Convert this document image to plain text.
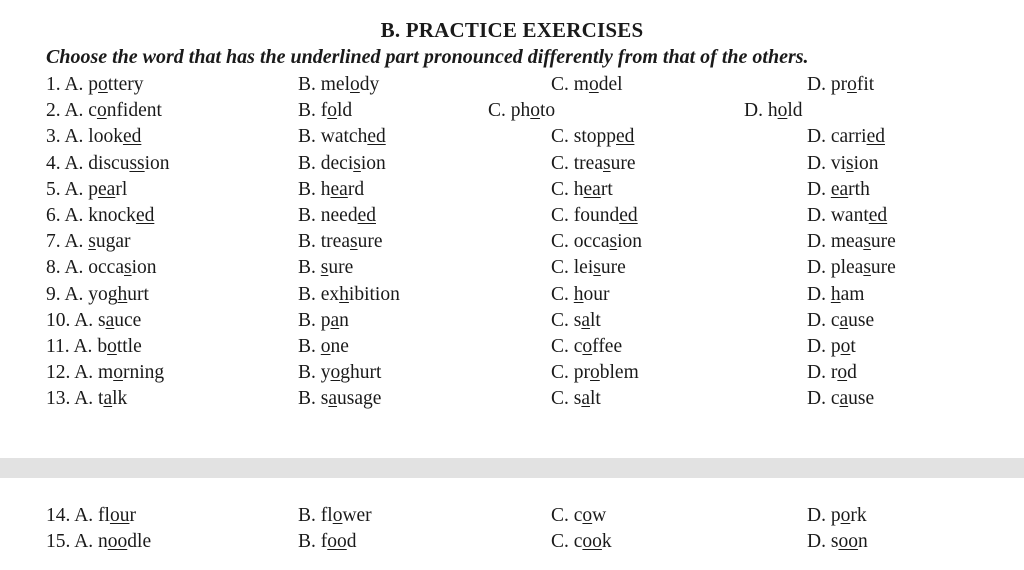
B. PRACTICE EXERCISES
Choose the word that has the underlined part pronounced differently from that of the others.
1. A. pottery	B. melody	C. model	D. profit
2. A. confident	B. fold	C. photo	D. hold
3. A. looked	B. watched	C. stopped	D. carried
4. A. discussion	B. decision	C. treasure	D. vision
5. A. pearl	B. heard	C. heart	D. earth
6. A. knocked	B. needed	C. founded	D. wanted
7. A. sugar	B. treasure	C. occasion	D. measure
8. A. occasion	B. sure	C. leisure	D. pleasure
9. A. yoghurt	B. exhibition	C. hour	D. ham
10. A. sauce	B. pan	C. salt	D. cause
11. A. bottle	B. one	C. coffee	D. pot
12. A. morning	B. yoghurt	C. problem	D. rod
13. A. talk	B. sausage	C. salt	D. cause
14. A. flour	B. flower	C. cow	D. pork
15. A. noodle	B. food	C. cook	D. soon
